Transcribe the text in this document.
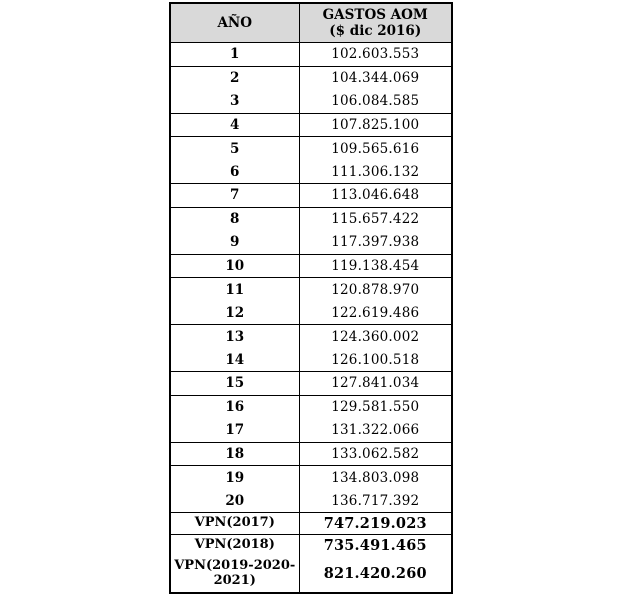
AÑO	GASTOS AOM
($ dic 2016)
1	102.603.553
2	104.344.069
3	106.084.585
4	107.825.100
5	109.565.616
6	111.306.132
7	113.046.648
8	115.657.422
9	117.397.938
10	119.138.454
11	120.878.970
12	122.619.486
13	124.360.002
14	126.100.518
15	127.841.034
16	129.581.550
17	131.322.066
18	133.062.582
19	134.803.098
20	136.717.392
VPN(2017)	747.219.023
VPN(2018)	735.491.465
VPN(2019-2020-2021)	821.420.260
